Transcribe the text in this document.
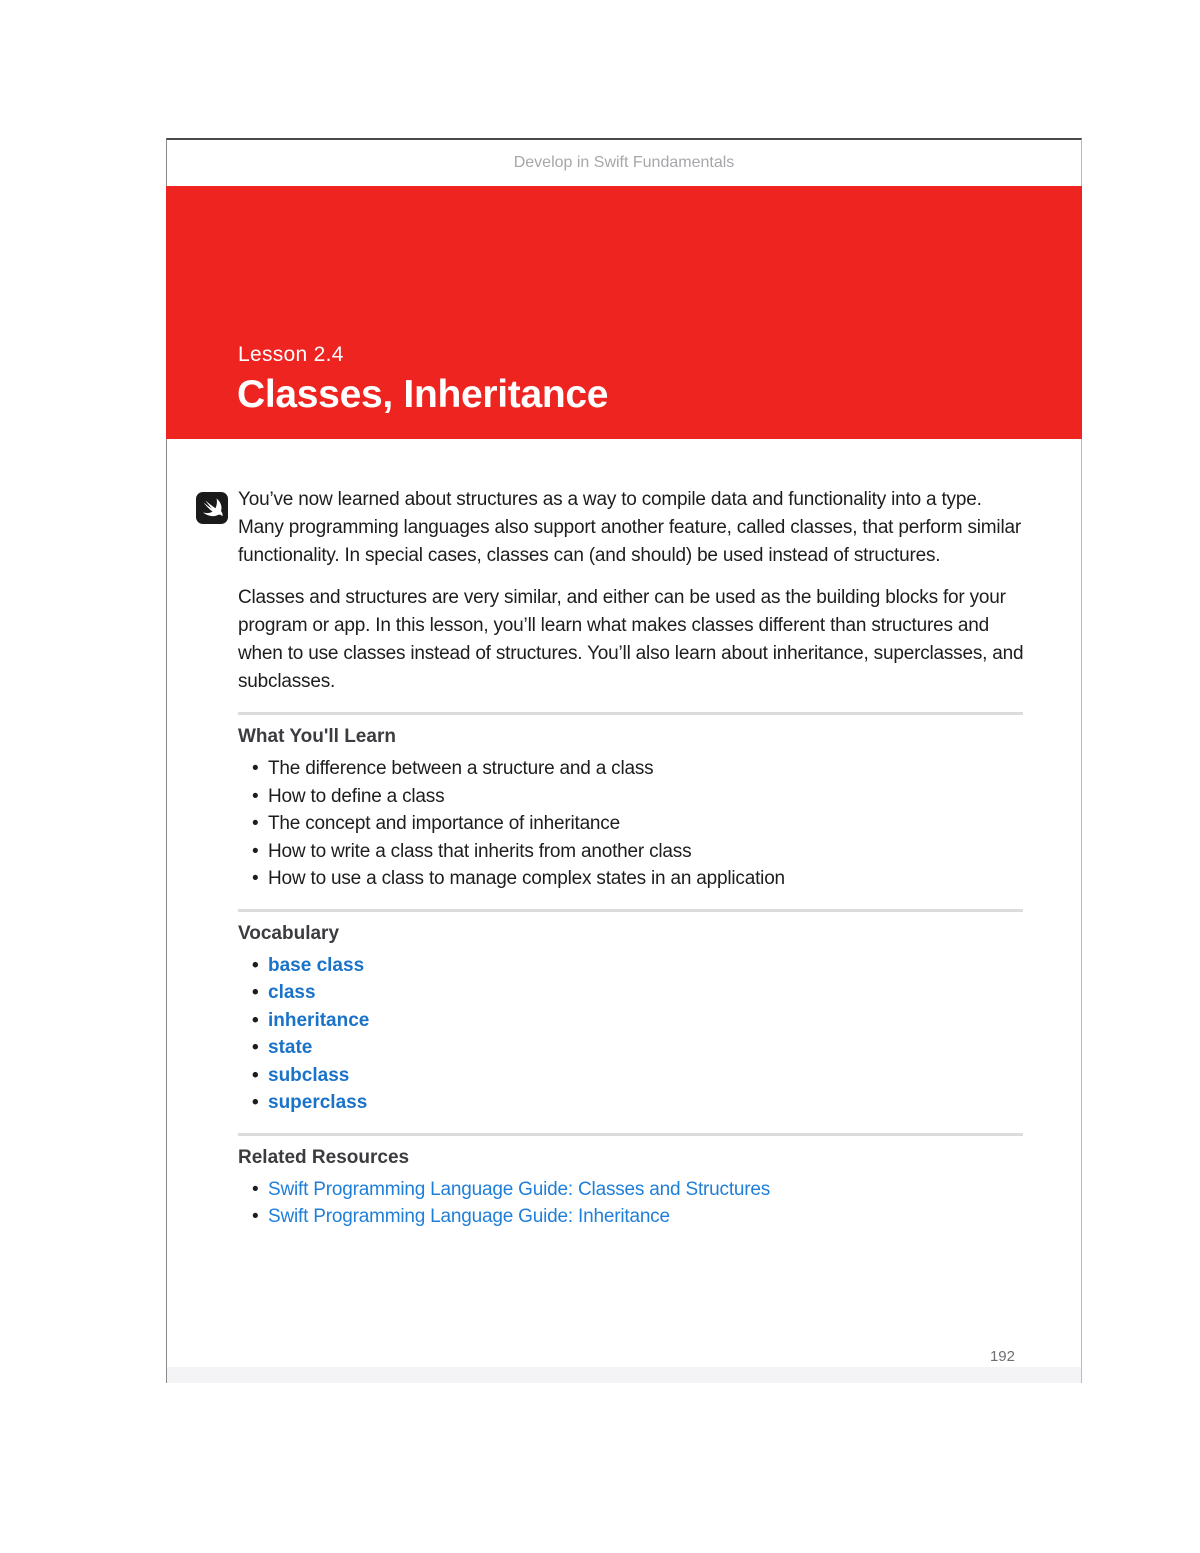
Develop in Swift Fundamentals
Lesson 2.4
Classes, Inheritance

You’ve now learned about structures as a way to compile data and functionality into a type. Many programming languages also support another feature, called classes, that perform similar functionality. In special cases, classes can (and should) be used instead of structures.

Classes and structures are very similar, and either can be used as the building blocks for your program or app. In this lesson, you’ll learn what makes classes different than structures and when to use classes instead of structures. You’ll also learn about inheritance, superclasses, and subclasses.

What You'll Learn
• The difference between a structure and a class
• How to define a class
• The concept and importance of inheritance
• How to write a class that inherits from another class
• How to use a class to manage complex states in an application
Vocabulary
• base class
• class
• inheritance
• state
• subclass
• superclass
Related Resources
• Swift Programming Language Guide: Classes and Structures
• Swift Programming Language Guide: Inheritance
192
